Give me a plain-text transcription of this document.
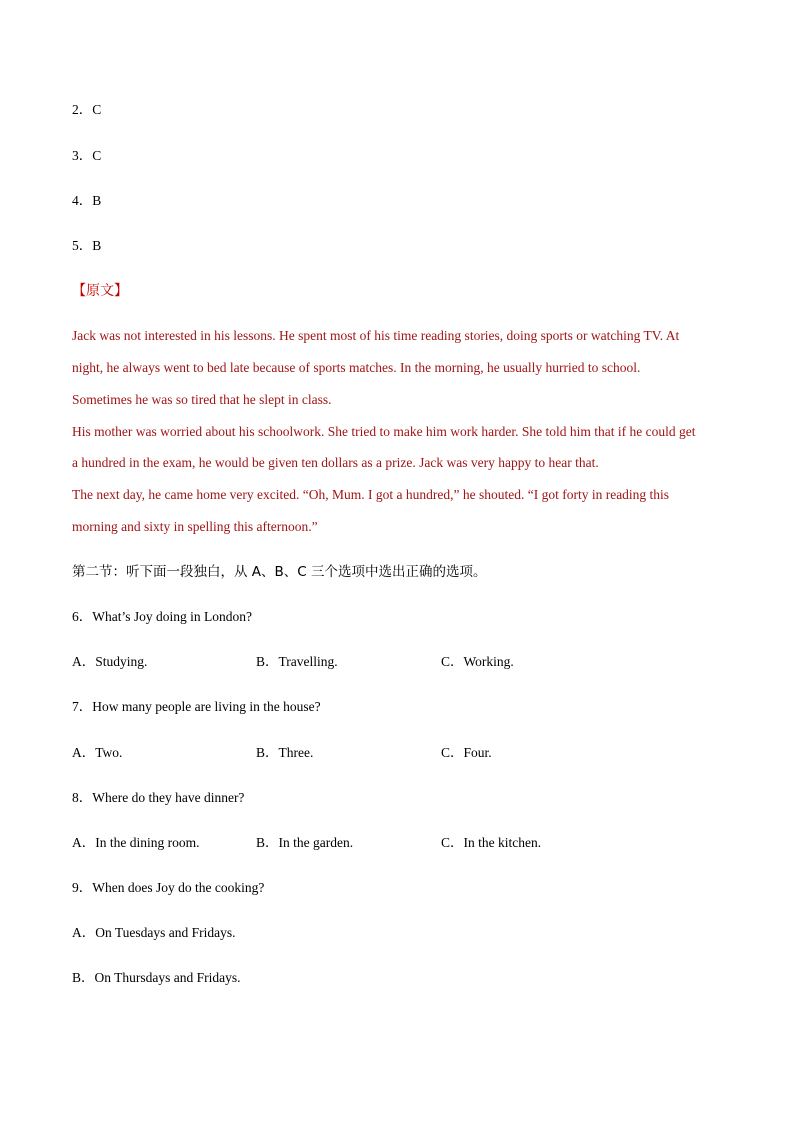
2．C
3．C
4．B
5．B
【原文】
Jack was not interested in his lessons. He spent most of his time reading stories, doing sports or watching TV. At
night, he always went to bed late because of sports matches. In the morning, he usually hurried to school.
Sometimes he was so tired that he slept in class.
His mother was worried about his schoolwork. She tried to make him work harder. She told him that if he could get
a hundred in the exam, he would be given ten dollars as a prize. Jack was very happy to hear that.
The next day, he came home very excited. “Oh, Mum. I got a hundred,” he shouted. “I got forty in reading this
morning and sixty in spelling this afternoon.”
第二节：听下面一段独白，从 A、B、C 三个选项中选出正确的选项。
6．What’s Joy doing in London?
A．Studying.	B．Travelling.	C．Working.
7．How many people are living in the house?
A．Two.	B．Three.	C．Four.
8．Where do they have dinner?
A．In the dining room.	B．In the garden.	C．In the kitchen.
9．When does Joy do the cooking?
A．On Tuesdays and Fridays.
B．On Thursdays and Fridays.
